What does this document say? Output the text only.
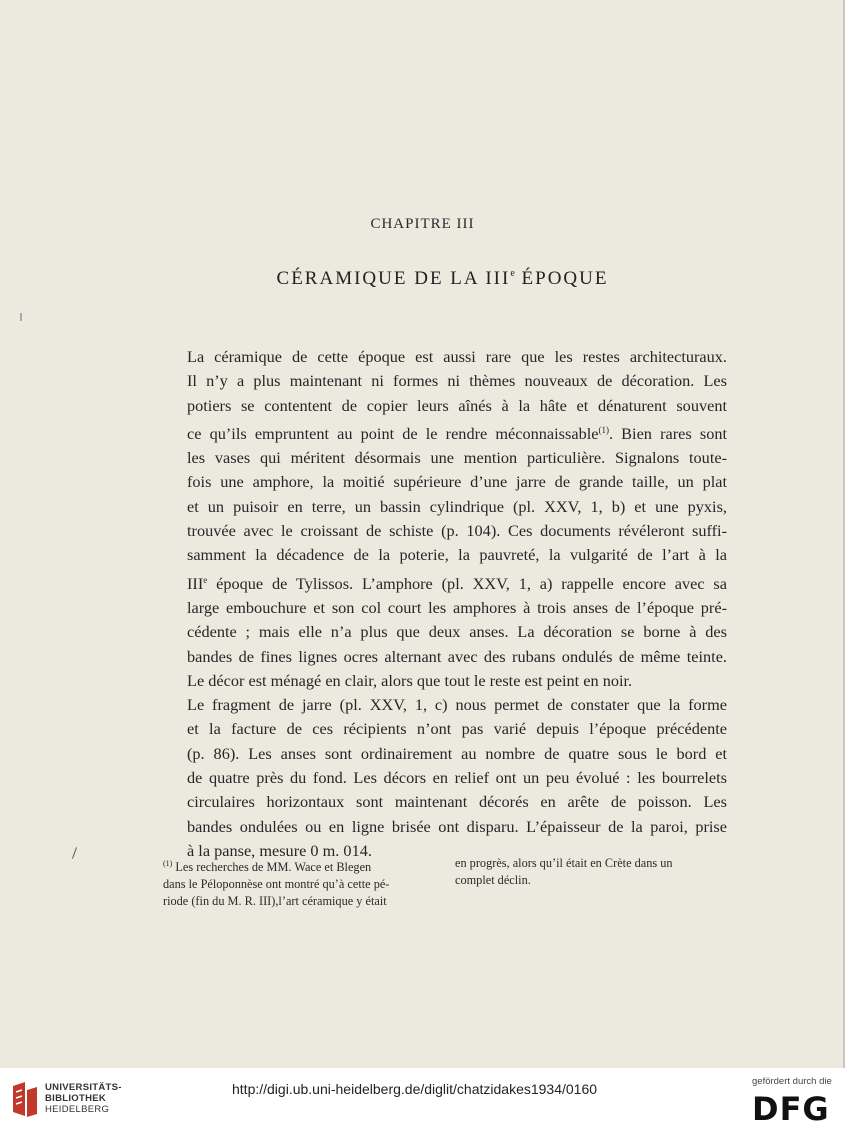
CHAPITRE III
CÉRAMIQUE DE LA IIIe ÉPOQUE

La céramique de cette époque est aussi rare que les restes architecturaux.
Il n’y a plus maintenant ni formes ni thèmes nouveaux de décoration. Les
potiers se contentent de copier leurs aînés à la hâte et dénaturent souvent
ce qu’ils empruntent au point de le rendre méconnaissable$^{(1)}$. Bien rares sont
les vases qui méritent désormais une mention particulière. Signalons toute-
fois une amphore, la moitié supérieure d’une jarre de grande taille, un plat
et un puisoir en terre, un bassin cylindrique (pl. XXV, 1, b) et une pyxis,
trouvée avec le croissant de schiste (p. 104). Ces documents révéleront suffi-
samment la décadence de la poterie, la pauvreté, la vulgarité de l’art à la
IIIe époque de Tylissos. L’amphore (pl. XXV, 1, a) rappelle encore avec sa
large embouchure et son col court les amphores à trois anses de l’époque pré-
cédente ; mais elle n’a plus que deux anses. La décoration se borne à des
bandes de fines lignes ocres alternant avec des rubans ondulés de même teinte.
Le décor est ménagé en clair, alors que tout le reste est peint en noir.

Le fragment de jarre (pl. XXV, 1, c) nous permet de constater que la forme
et la facture de ces récipients n’ont pas varié depuis l’époque précédente
(p. 86). Les anses sont ordinairement au nombre de quatre sous le bord et
de quatre près du fond. Les décors en relief ont un peu évolué : les bourrelets
circulaires horizontaux sont maintenant décorés en arête de poisson. Les
bandes ondulées ou en ligne brisée ont disparu. L’épaisseur de la paroi, prise
à la panse, mesure 0 m. 014.

$^{(1)}$ Les recherches de MM. Wace et Blegen
dans le Péloponnèse ont montré qu’à cette pé-
riode (fin du M. R. III),l’art céramique y était
en progrès, alors qu’il était en Crète dans un
complet déclin.
UNIVERSITÄTS-
BIBLIOTHEK
HEIDELBERG
http://digi.ub.uni-heidelberg.de/diglit/chatzidakes1934/0160	gefördert durch die
DFG
